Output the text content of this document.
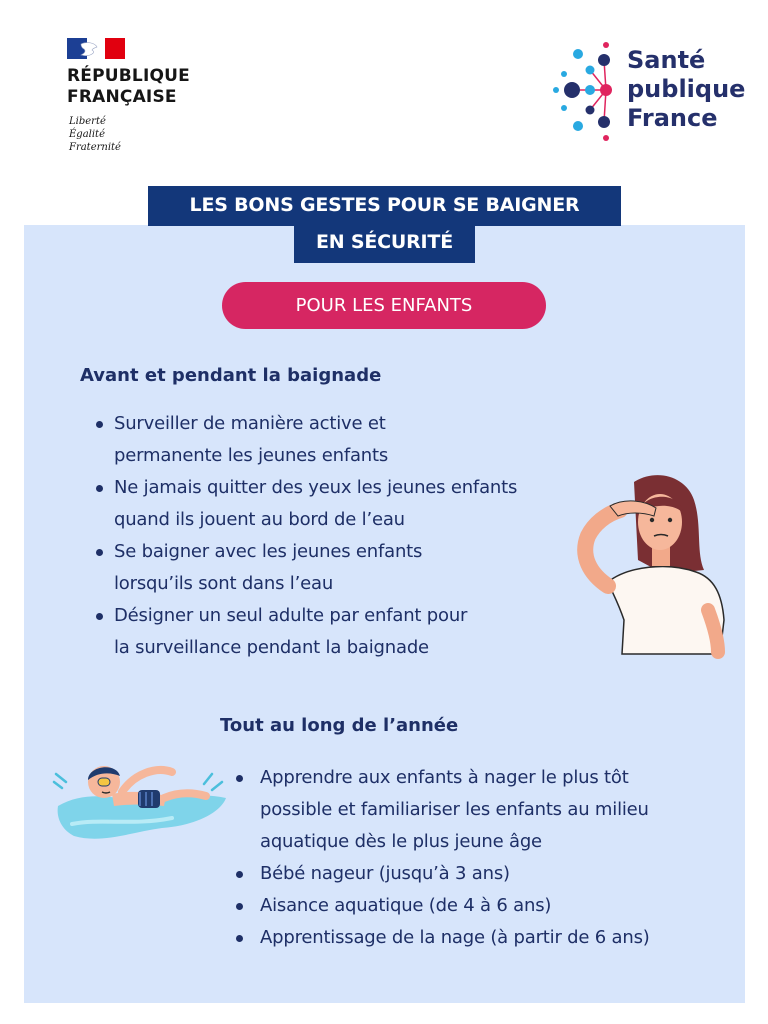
RÉPUBLIQUE
FRANÇAISE
Liberté
Égalité
Fraternité
Santé
publique
France
LES BONS GESTES POUR SE BAIGNER
EN SÉCURITÉ
POUR LES ENFANTS
Avant et pendant la baignade
Surveiller de manière active et
permanente les jeunes enfants
Ne jamais quitter des yeux les jeunes enfants
quand ils jouent au bord de l’eau
Se baigner avec les jeunes enfants
lorsqu’ils sont dans l’eau
Désigner un seul adulte par enfant pour
la surveillance pendant la baignade
Tout au long de l’année
Apprendre aux enfants à nager le plus tôt
possible et familiariser les enfants au milieu
aquatique dès le plus jeune âge
Bébé nageur (jusqu’à 3 ans)
Aisance aquatique (de 4 à 6 ans)
Apprentissage de la nage (à partir de 6 ans)
